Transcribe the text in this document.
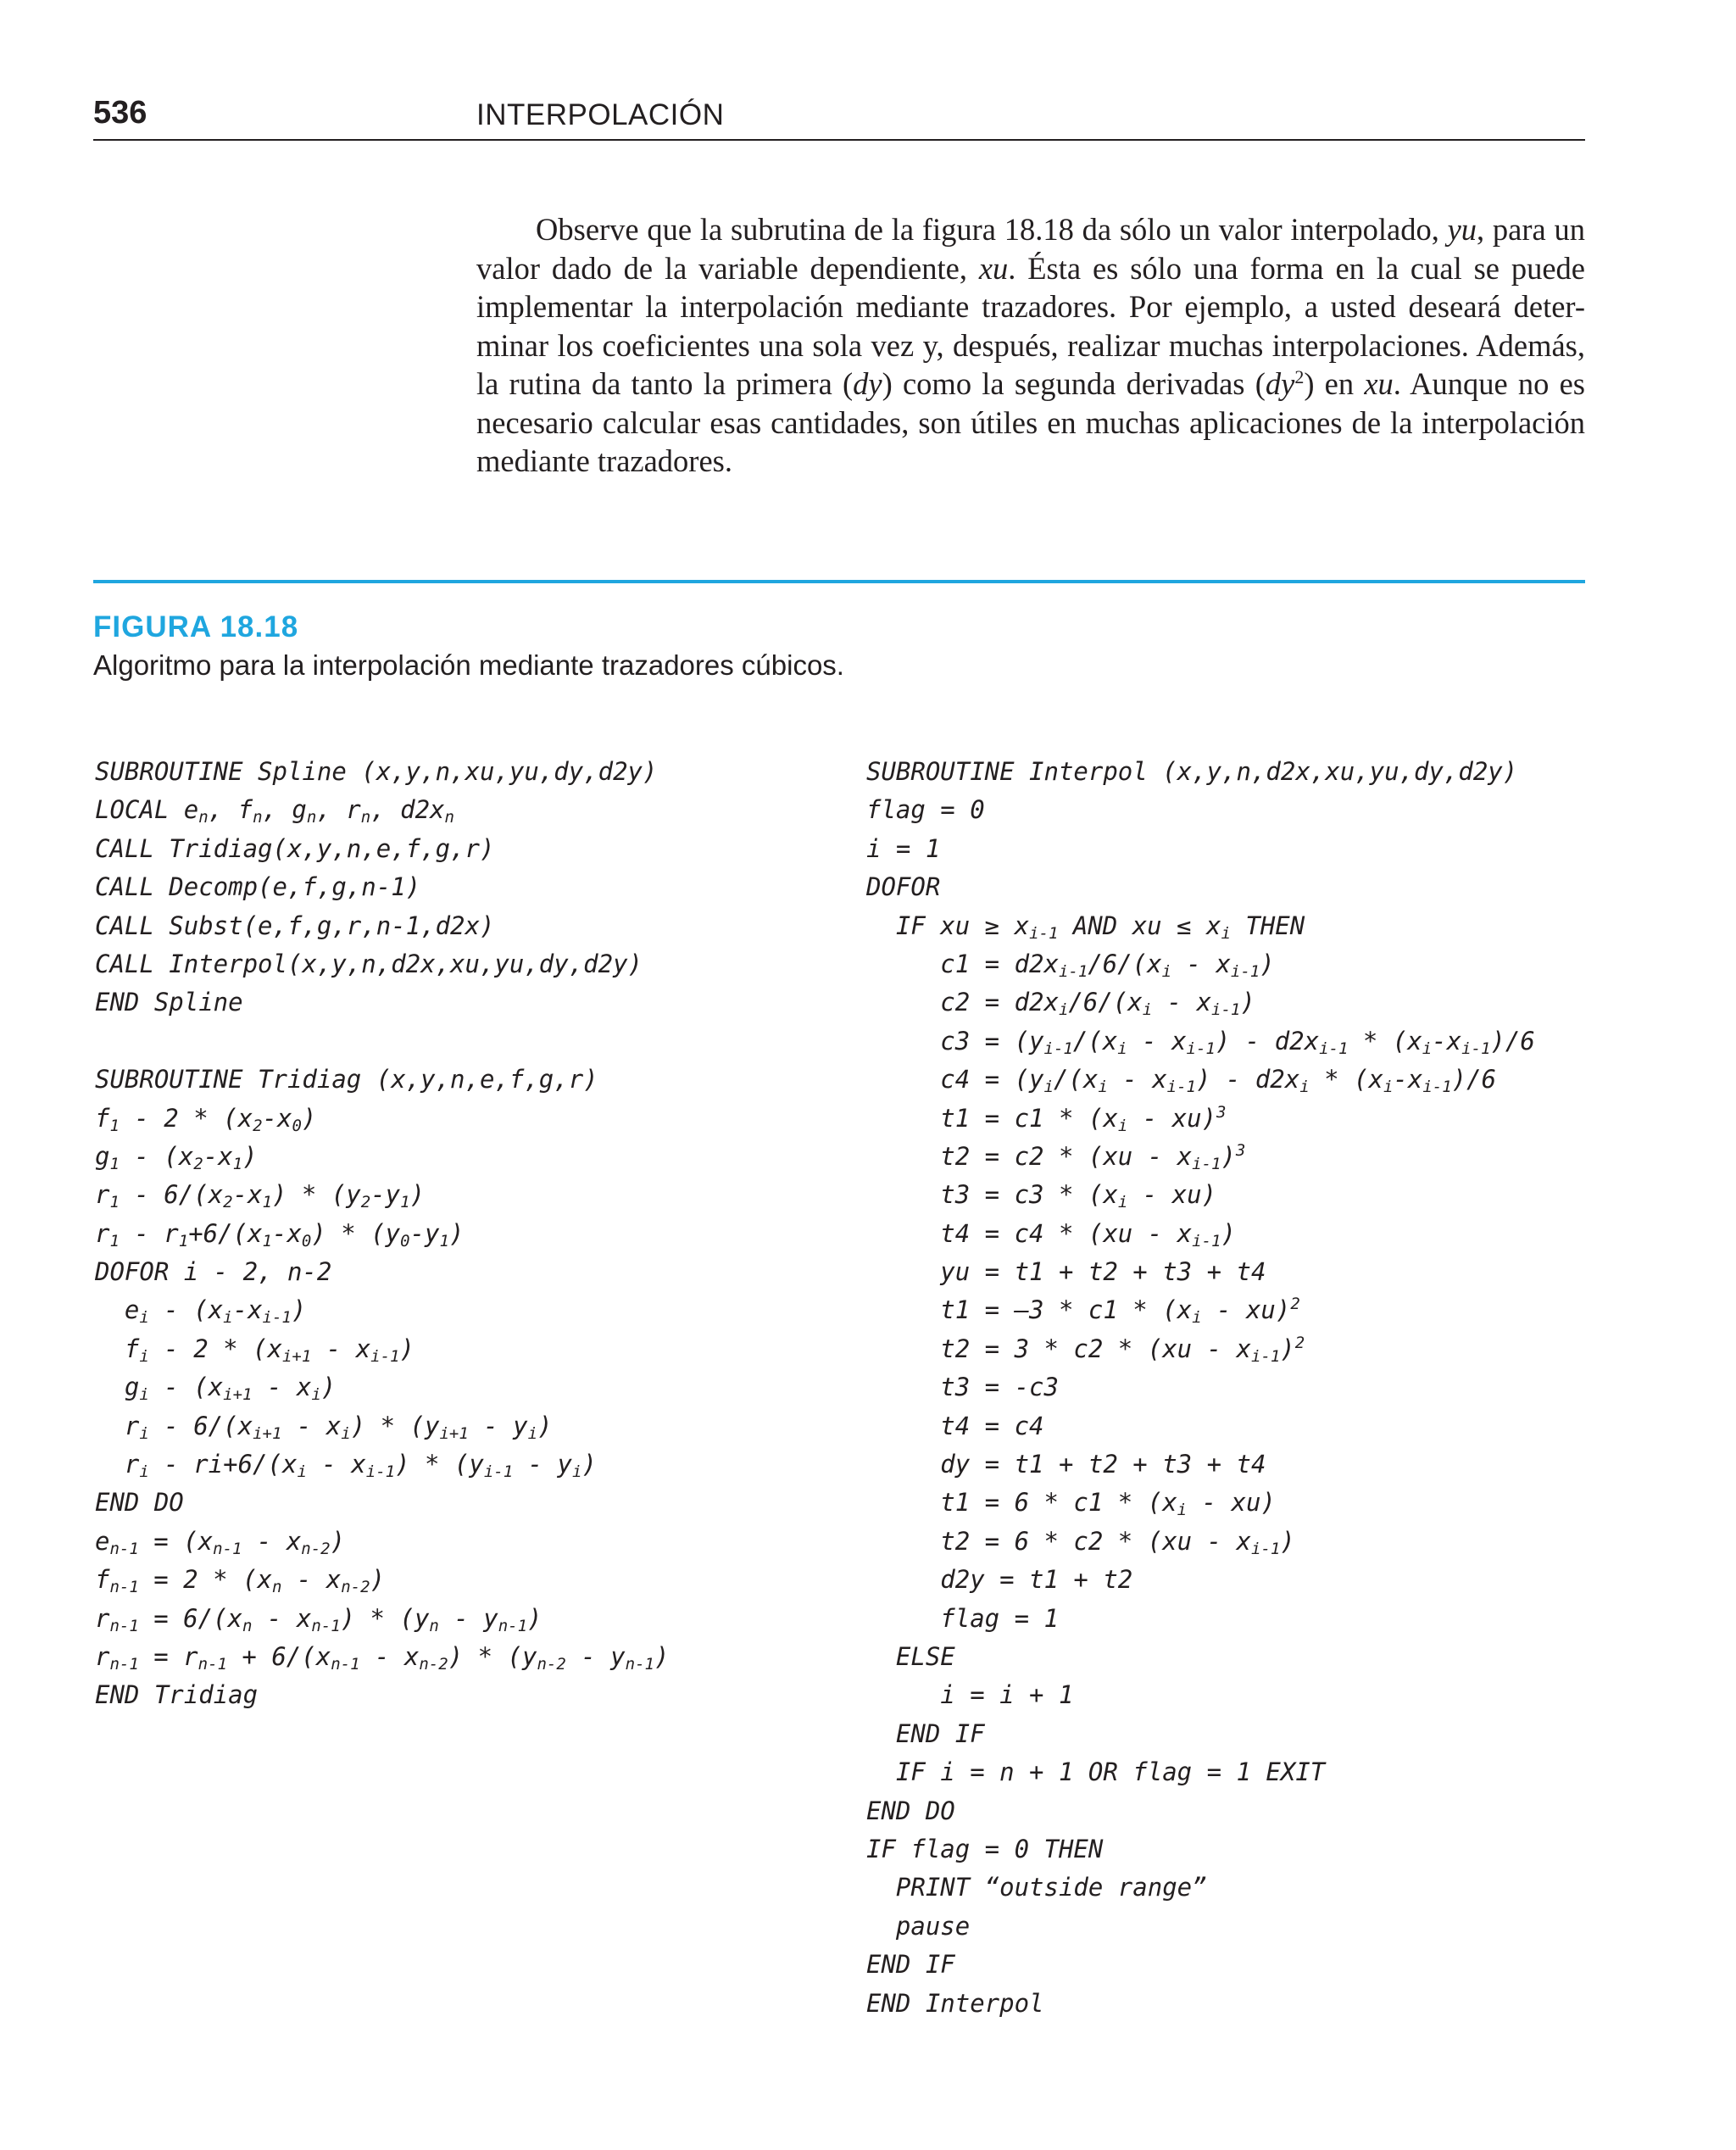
536	INTERPOLACIÓN

Observe que la subrutina de la figura 18.18 da sólo un valor interpolado, yu, para un valor dado de la variable dependiente, xu. Ésta es sólo una forma en la cual se puede implementar la interpolación mediante trazadores. Por ejemplo, a usted deseará deter-minar los coeficientes una sola vez y, después, realizar muchas interpolaciones. Además, la rutina da tanto la primera (dy) como la segunda derivadas $(dy^2)$ en xu. Aunque no es necesario calcular esas cantidades, son útiles en muchas aplicaciones de la interpolación mediante trazadores.

FIGURA 18.18
Algoritmo para la interpolación mediante trazadores cúbicos.
SUBROUTINE Spline (x,y,n,xu,yu,dy,d2y)
LOCAL $e_n$, $f_n$, $g_n$, $r_n$, $d2x_n$
CALL Tridiag(x,y,n,e,f,g,r)
CALL Decomp(e,f,g,n-1)
CALL Subst(e,f,g,r,n-1,d2x)
CALL Interpol(x,y,n,d2x,xu,yu,dy,d2y)
END Spline
SUBROUTINE Tridiag (x,y,n,e,f,g,r)
$f_1 - 2 * (x_2-x_0)$
$g_1 - (x_2-x_1)$
$r_1 - 6/(x_2-x_1) * (y_2-y_1)$
$r_1 - r_1+6/(x_1-x_0) * (y_0-y_1)$
DOFOR i - 2, n-2
$e_i - (x_i-x_{i-1})$
$f_i - 2 * (x_{i+1} - x_{i-1})$
$g_i - (x_{i+1} - x_i)$
$r_i - 6/(x_{i+1} - x_i) * (y_{i+1} - y_i)$
$r_i - ri+6/(x_i - x_{i-1}) * (y_{i-1} - y_i)$
END DO
$e_{n-1} = (x_{n-1} - x_{n-2})$
$f_{n-1} = 2 * (x_n - x_{n-2})$
$r_{n-1} = 6/(x_n - x_{n-1}) * (y_n - y_{n-1})$
$r_{n-1} = r_{n-1} + 6/(x_{n-1} - x_{n-2}) * (y_{n-2} - y_{n-1})$
END Tridiag
SUBROUTINE Interpol (x,y,n,d2x,xu,yu,dy,d2y)
flag = 0
i = 1
DOFOR
IF xu ≥ $x_{i-1}$ AND xu ≤ $x_i$ THEN
$c1 = d2x_{i-1}/6/(x_i - x_{i-1})$
$c2 = d2x_i/6/(x_i - x_{i-1})$
$c3 = (y_{i-1}/(x_i - x_{i-1}) - d2x_{i-1} * (x_i-x_{i-1})/6$
$c4 = (y_i/(x_i - x_{i-1}) - d2x_i * (x_i-x_{i-1})/6$
$t1 = c1 * (x_i - xu)^3$
$t2 = c2 * (xu - x_{i-1})^3$
$t3 = c3 * (x_i - xu)$
$t4 = c4 * (xu - x_{i-1})$
yu = t1 + t2 + t3 + t4
t1 = —3 * $c1 * (x_i - xu)^2$
$t2 = 3 * c2 * (xu - x_{i-1})^2$
t3 = -c3
t4 = c4
dy = t1 + t2 + t3 + t4
$t1 = 6 * c1 * (x_i - xu)$
$t2 = 6 * c2 * (xu - x_{i-1})$
d2y = t1 + t2
flag = 1
ELSE
i = i + 1
END IF
IF i = n + 1 OR flag = 1 EXIT
END DO
IF flag = 0 THEN
PRINT “outside range”
pause
END IF
END Interpol
